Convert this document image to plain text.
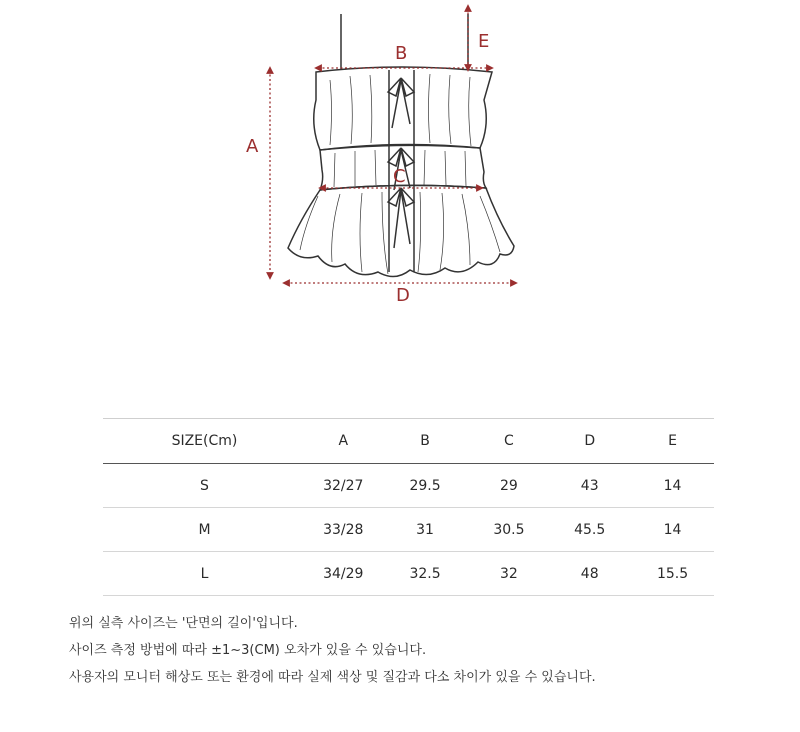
A
B
C
D
E
SIZE(Cm)	A	B	C	D	E
S	32/27	29.5	29	43	14
M	33/28	31	30.5	45.5	14
L	34/29	32.5	32	48	15.5
위의 실측 사이즈는 '단면의 길이'입니다.
사이즈 측정 방법에 따라 ±1~3(CM) 오차가 있을 수 있습니다.
사용자의 모니터 해상도 또는 환경에 따라 실제 색상 및 질감과 다소 차이가 있을 수 있습니다.
